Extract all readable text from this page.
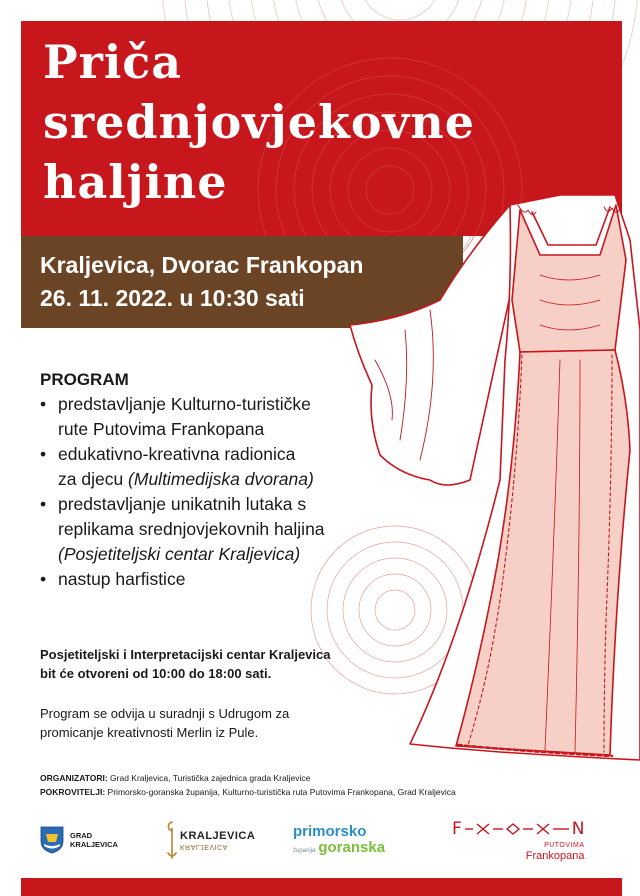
Priča
srednjovjekovne
haljine

Kraljevica, Dvorac Frankopan
26. 11. 2022. u 10:30 sati

PROGRAM

• predstavljanje Kulturno-turističke
rute Putovima Frankopana
• edukativno-kreativna radionica
za djecu (Multimedijska dvorana)
• predstavljanje unikatnih lutaka s
replikama srednjovjekovnih haljina
(Posjetiteljski centar Kraljevica)
• nastup harfistice

Posjetiteljski i Interpretacijski centar Kraljevica
bit će otvoreni od 10:00 do 18:00 sati.

Program se odvija u suradnji s Udrugom za
promicanje kreativnosti Merlin iz Pule.

ORGANIZATORI: Grad Kraljevica, Turistička zajednica grada Kraljevice
POKROVITELJI: Primorsko-goranska županija, Kulturno-turistička ruta Putovima Frankopana, Grad Kraljevica
GRAD
KRALJEVICA
KRALJEVICA
KRALJEVICA
primorsko
županija goranska
F	N
PUTOVIMA
Frankopana
